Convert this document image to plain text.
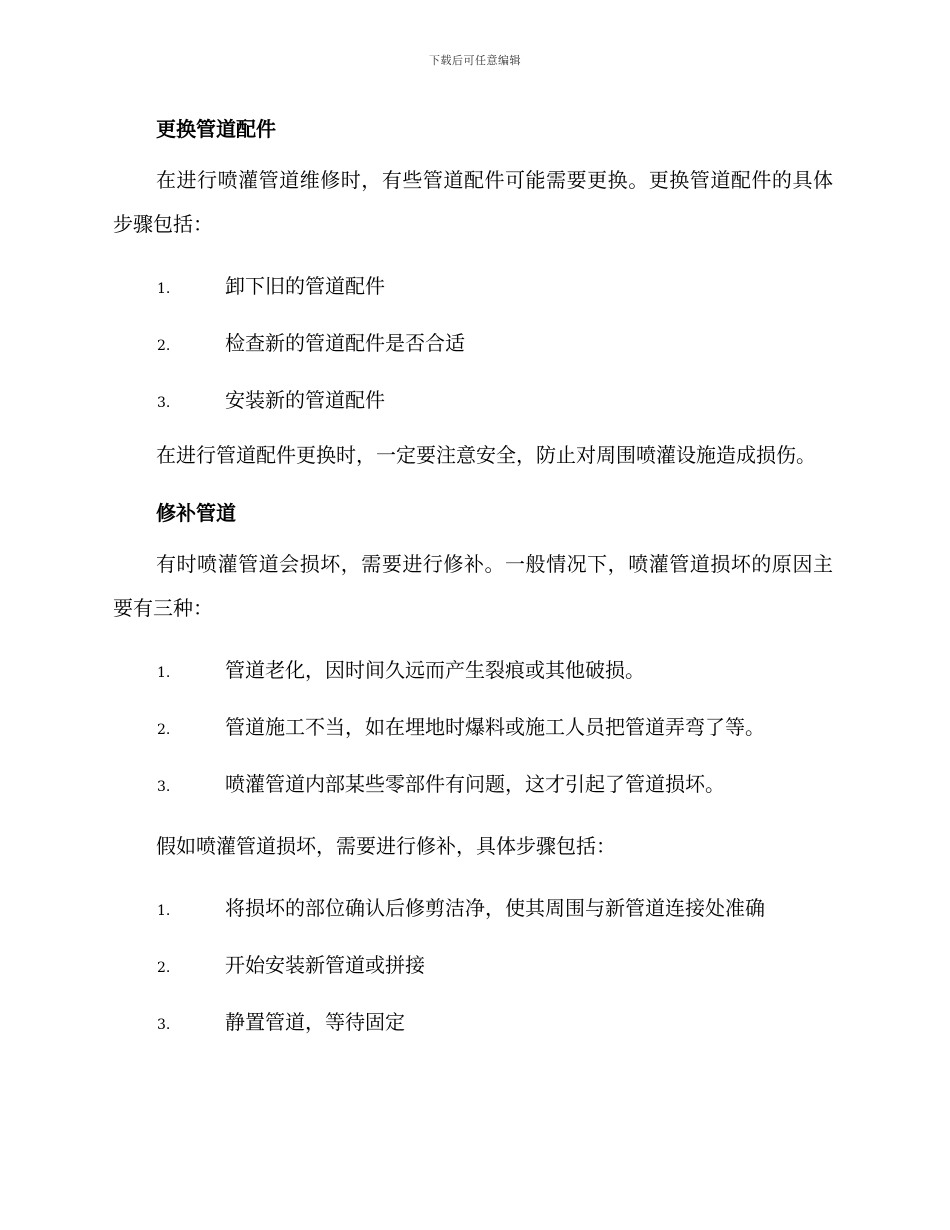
下载后可任意编辑
更换管道配件

在进行喷灌管道维修时，有些管道配件可能需要更换。更换管道配件的具体步骤包括：

1.	卸下旧的管道配件
2.	检查新的管道配件是否合适
3.	安装新的管道配件

在进行管道配件更换时，一定要注意安全，防止对周围喷灌设施造成损伤。

修补管道

有时喷灌管道会损坏，需要进行修补。一般情况下，喷灌管道损坏的原因主要有三种：

1.	管道老化，因时间久远而产生裂痕或其他破损。
2.	管道施工不当，如在埋地时爆料或施工人员把管道弄弯了等。
3.	喷灌管道内部某些零部件有问题，这才引起了管道损坏。

假如喷灌管道损坏，需要进行修补，具体步骤包括：

1.	将损坏的部位确认后修剪洁净，使其周围与新管道连接处准确
2.	开始安装新管道或拼接
3.	静置管道，等待固定
